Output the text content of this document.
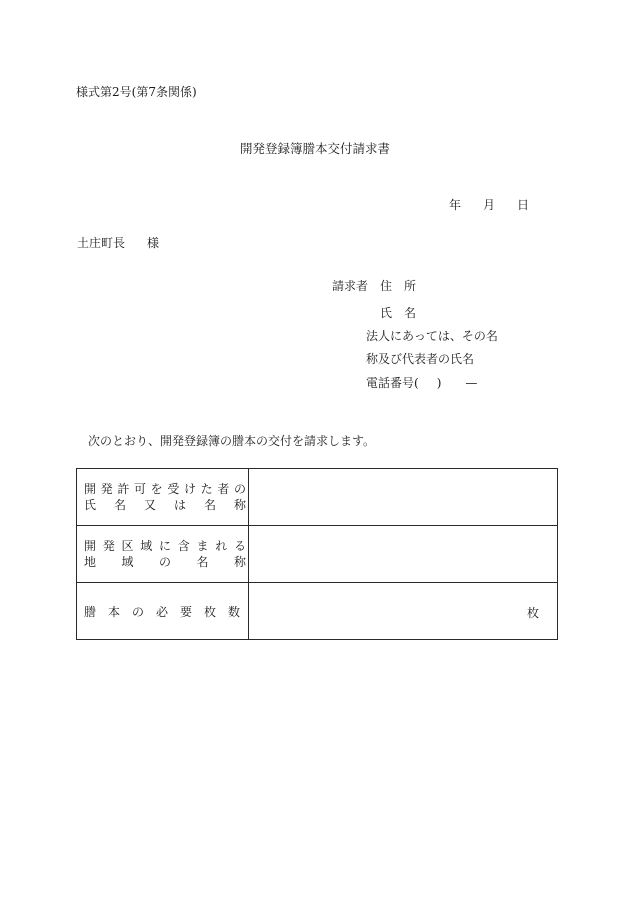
様式第2号(第7条関係)
開発登録簿謄本交付請求書
年 月 日
土庄町長 様
請求者 住 所
氏 名
法人にあっては、その名
称及び代表者の氏名
電話番号( ) —
次のとおり、開発登録簿の謄本の交付を請求します。
開発許可を受けた者の
氏名又は名称	

開発区域に含まれる
地域の名称	

謄本の必要枚数	枚
